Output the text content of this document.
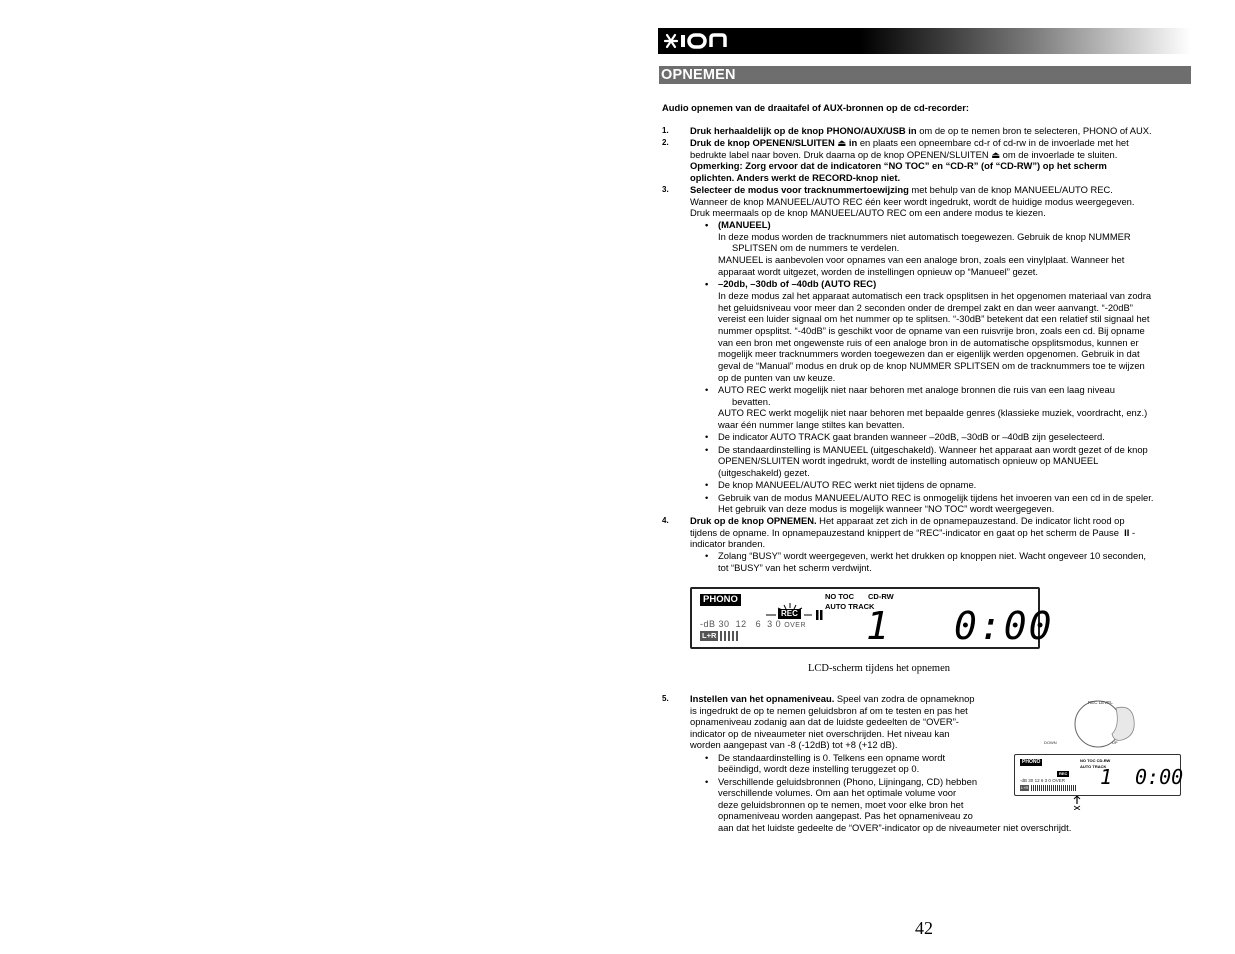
OPNEMEN
Audio opnemen van de draaitafel of AUX-bronnen op de cd-recorder:
1. Druk herhaaldelijk op de knop PHONO/AUX/USB in om de op te nemen bron te selecteren, PHONO of AUX.
2. Druk de knop OPENEN/SLUITEN ⏏ in en plaats een opneembare cd-r of cd-rw in de invoerlade met het
bedrukte label naar boven. Druk daarna op de knop OPENEN/SLUITEN ⏏ om de invoerlade te sluiten.
Opmerking: Zorg ervoor dat de indicatoren “NO TOC” en “CD-R” (of “CD-RW”) op het scherm
oplichten. Anders werkt de RECORD-knop niet.
3. Selecteer de modus voor tracknummertoewijzing met behulp van de knop MANUEEL/AUTO REC.
Wanneer de knop MANUEEL/AUTO REC één keer wordt ingedrukt, wordt de huidige modus weergegeven.
Druk meermaals op de knop MANUEEL/AUTO REC om een andere modus te kiezen.
• (MANUEEL)
In deze modus worden de tracknummers niet automatisch toegewezen. Gebruik de knop NUMMER
SPLITSEN om de nummers te verdelen.
MANUEEL is aanbevolen voor opnames van een analoge bron, zoals een vinylplaat. Wanneer het
apparaat wordt uitgezet, worden de instellingen opnieuw op “Manueel” gezet.
• –20db, –30db of –40db (AUTO REC)
In deze modus zal het apparaat automatisch een track opsplitsen in het opgenomen materiaal van zodra
het geluidsniveau voor meer dan 2 seconden onder de drempel zakt en dan weer aanvangt. “-20dB”
vereist een luider signaal om het nummer op te splitsen. “-30dB” betekent dat een relatief stil signaal het
nummer opsplitst. “-40dB” is geschikt voor de opname van een ruisvrije bron, zoals een cd. Bij opname
van een bron met ongewenste ruis of een analoge bron in de automatische opsplitsmodus, kunnen er
mogelijk meer tracknummers worden toegewezen dan er eigenlijk werden opgenomen. Gebruik in dat
geval de “Manual” modus en druk op de knop NUMMER SPLITSEN om de tracknummers toe te wijzen
op de punten van uw keuze.
• AUTO REC werkt mogelijk niet naar behoren met analoge bronnen die ruis van een laag niveau
bevatten.
AUTO REC werkt mogelijk niet naar behoren met bepaalde genres (klassieke muziek, voordracht, enz.)
waar één nummer lange stiltes kan bevatten.
• De indicator AUTO TRACK gaat branden wanneer –20dB, –30dB or –40dB zijn geselecteerd.
• De standaardinstelling is MANUEEL (uitgeschakeld). Wanneer het apparaat aan wordt gezet of de knop
OPENEN/SLUITEN wordt ingedrukt, wordt de instelling automatisch opnieuw op MANUEEL
(uitgeschakeld) gezet.
• De knop MANUEEL/AUTO REC werkt niet tijdens de opname.
• Gebruik van de modus MANUEEL/AUTO REC is onmogelijk tijdens het invoeren van een cd in de speler.
Het gebruik van deze modus is mogelijk wanneer “NO TOC” wordt weergegeven.
4. Druk op de knop OPNEMEN. Het apparaat zet zich in de opnamepauzestand. De indicator licht rood op
tijdens de opname. In opnamepauzestand knippert de “REC”-indicator en gaat op het scherm de Pause II -
indicator branden.
• Zolang “BUSY” wordt weergegeven, werkt het drukken op knoppen niet. Wacht ongeveer 10 seconden,
tot “BUSY” van het scherm verdwijnt.
PHONO	NO TOC CD-RW
AUTO TRACK
REC
-dB 30 12 6 3 0 OVER
L+R	1 0:00
LCD-scherm tijdens het opnemen
5. Instellen van het opnameniveau. Speel van zodra de opnameknop
is ingedrukt de op te nemen geluidsbron af om te testen en pas het
opnameniveau zodanig aan dat de luidste gedeelten de “OVER”-
indicator op de niveaumeter niet overschrijden. Het niveau kan
worden aangepast van -8 (-12dB) tot +8 (+12 dB).
• De standaardinstelling is 0. Telkens een opname wordt
beëindigd, wordt deze instelling teruggezet op 0.
• Verschillende geluidsbronnen (Phono, Lijningang, CD) hebben
verschillende volumes. Om aan het optimale volume voor
deze geluidsbronnen op te nemen, moet voor elke bron het
opnameniveau worden aangepast. Pas het opnameniveau zo
aan dat het luidste gedeelte de “OVER”-indicator op de niveaumeter niet overschrijdt.
REC LEVEL
DOWN	UP
PHONO	NO TOC CD-RW
AUTO TRACK
REC
-dB 30 12 6 3 0 OVER
L+R	1 0:00
42
